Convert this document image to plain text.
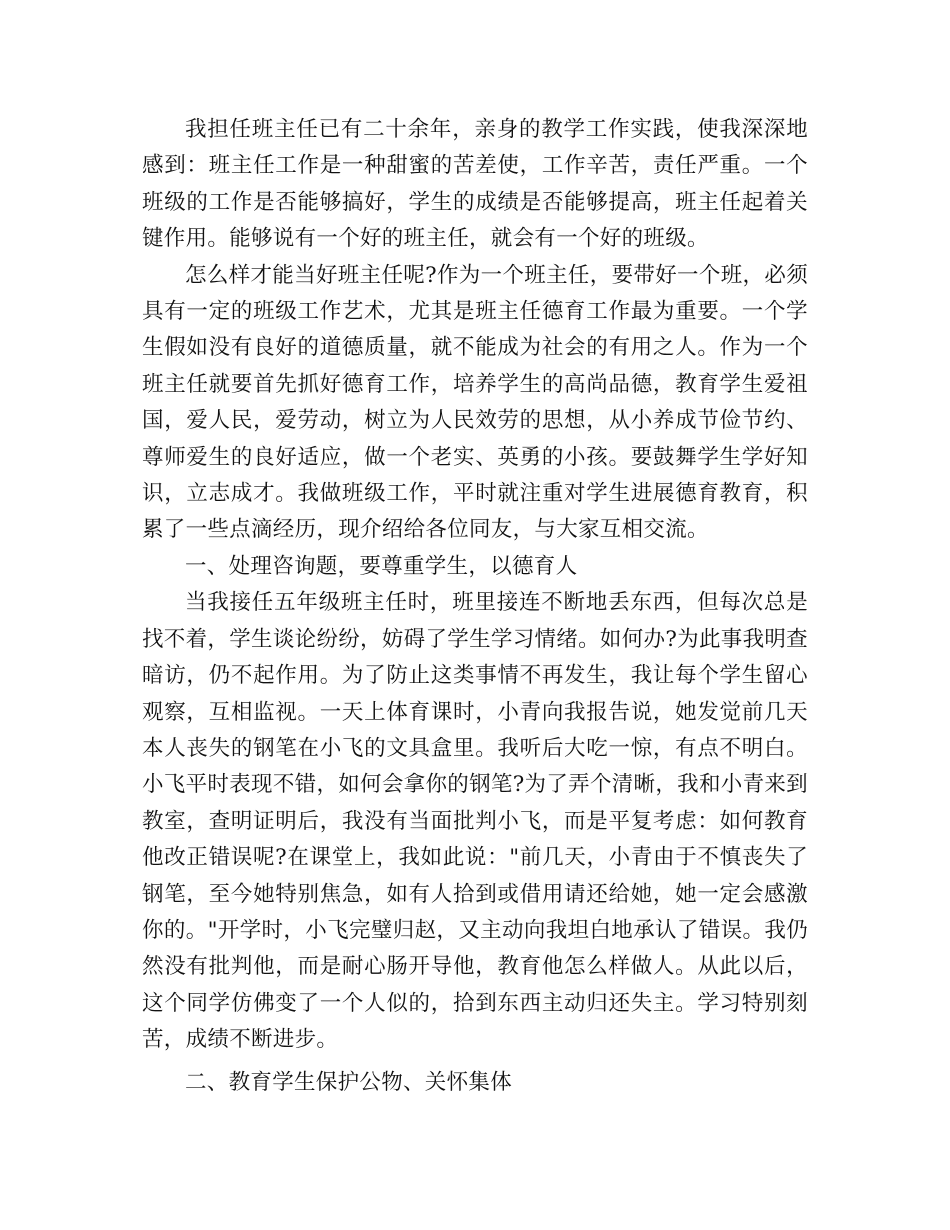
我担任班主任已有二十余年，亲身的教学工作实践，使我深深地感到：班主任工作是一种甜蜜的苦差使，工作辛苦，责任严重。一个班级的工作是否能够搞好，学生的成绩是否能够提高，班主任起着关键作用。能够说有一个好的班主任，就会有一个好的班级。

怎么样才能当好班主任呢?作为一个班主任，要带好一个班，必须具有一定的班级工作艺术，尤其是班主任德育工作最为重要。一个学生假如没有良好的道德质量，就不能成为社会的有用之人。作为一个班主任就要首先抓好德育工作，培养学生的高尚品德，教育学生爱祖国，爱人民，爱劳动，树立为人民效劳的思想，从小养成节俭节约、尊师爱生的良好适应，做一个老实、英勇的小孩。要鼓舞学生学好知识，立志成才。我做班级工作，平时就注重对学生进展德育教育，积累了一些点滴经历，现介绍给各位同友，与大家互相交流。

一、处理咨询题，要尊重学生，以德育人

当我接任五年级班主任时，班里接连不断地丢东西，但每次总是找不着，学生谈论纷纷，妨碍了学生学习情绪。如何办?为此事我明查暗访，仍不起作用。为了防止这类事情不再发生，我让每个学生留心观察，互相监视。一天上体育课时，小青向我报告说，她发觉前几天本人丧失的钢笔在小飞的文具盒里。我听后大吃一惊，有点不明白。小飞平时表现不错，如何会拿你的钢笔?为了弄个清晰，我和小青来到教室，查明证明后，我没有当面批判小飞，而是平复考虑：如何教育他改正错误呢?在课堂上，我如此说："前几天，小青由于不慎丧失了钢笔，至今她特别焦急，如有人拾到或借用请还给她，她一定会感激你的。"开学时，小飞完璧归赵，又主动向我坦白地承认了错误。我仍然没有批判他，而是耐心肠开导他，教育他怎么样做人。从此以后，这个同学仿佛变了一个人似的，拾到东西主动归还失主。学习特别刻苦，成绩不断进步。

二、教育学生保护公物、关怀集体
